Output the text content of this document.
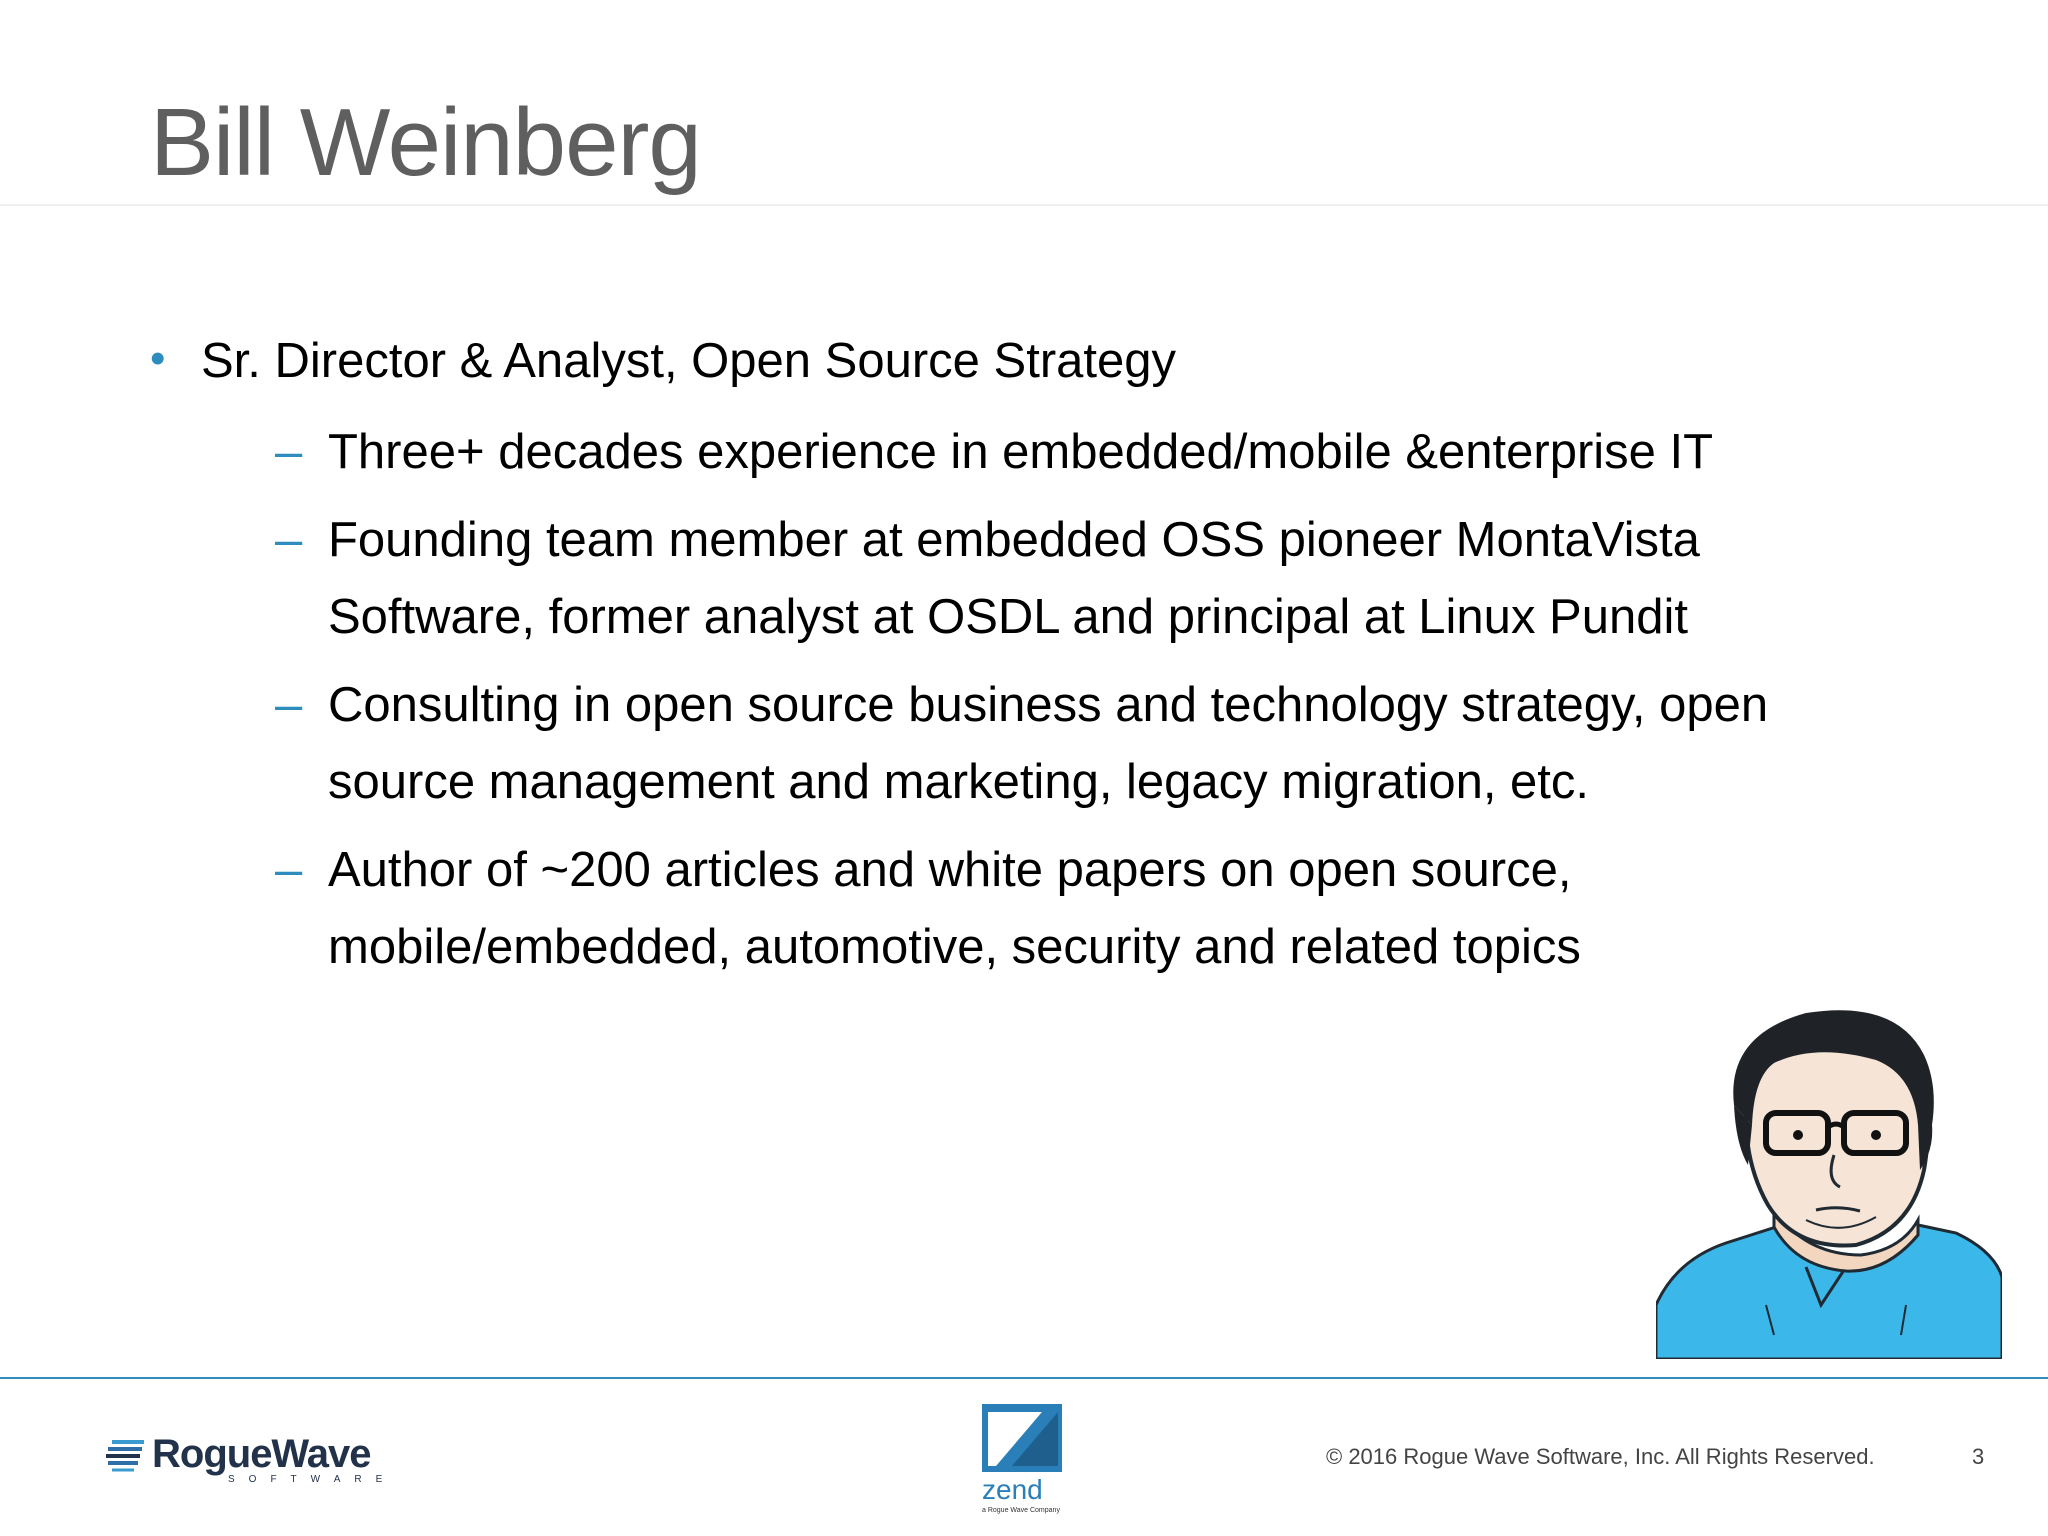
Bill Weinberg
• Sr. Director & Analyst, Open Source Strategy
– Three+ decades experience in embedded/mobile &enterprise IT
– Founding team member at embedded OSS pioneer MontaVista
Software, former analyst at OSDL and principal at Linux Pundit
– Consulting in open source business and technology strategy, open
source management and marketing, legacy migration, etc.
– Author of ~200 articles and white papers on open source,
mobile/embedded, automotive, security and related topics
RogueWave
SOFTWARE	zend
a Rogue Wave Company
© 2016 Rogue Wave Software, Inc. All Rights Reserved.	3
